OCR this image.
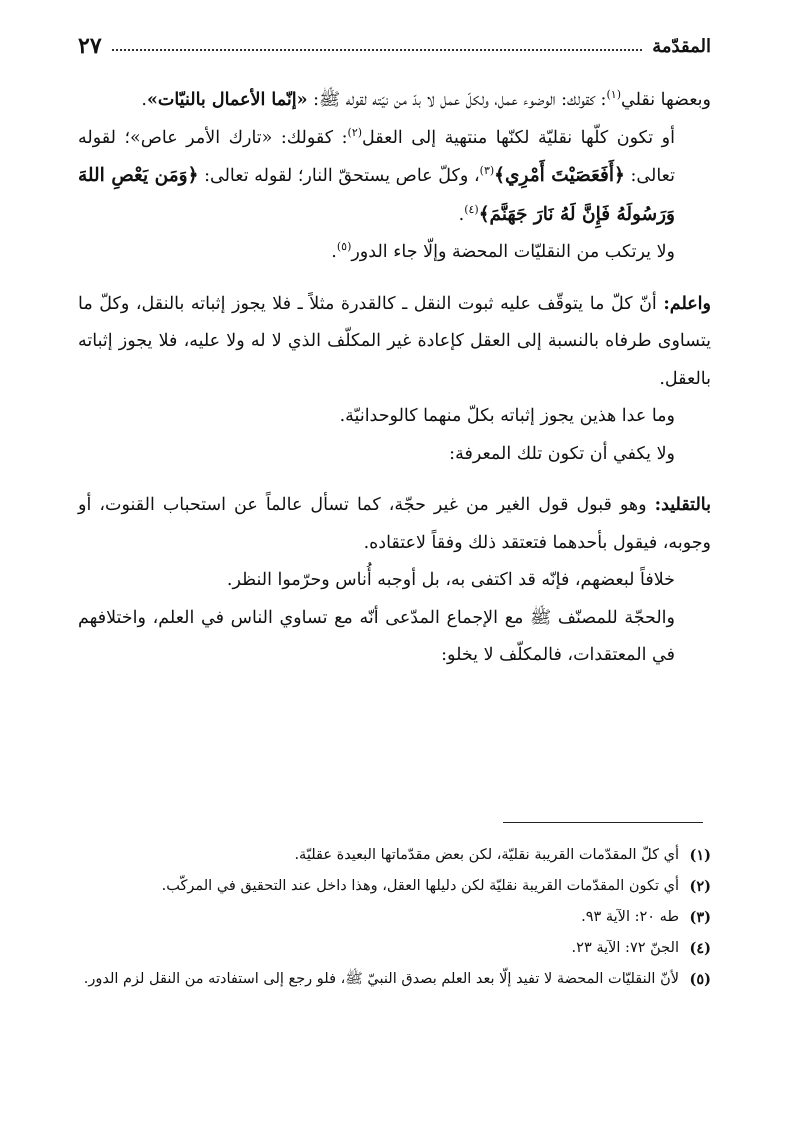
المقدّمة
٢٧

وبعضها نقلي$^{(١)}$: كقولك: الوضوء عمل، ولكلّ عمل لا بدّ من نيّته لقوله ﷺ: «إنّما الأعمال بالنيّات».

أو تكون كلّها نقليّة لكنّها منتهية إلى العقل$^{(٢)}$: كقولك: «تارك الأمر عاص»؛ لقوله تعالى: ﴿أَفَعَصَيْتَ أَمْرِي﴾$^{(٣)}$، وكلّ عاص يستحقّ النار؛ لقوله تعالى: ﴿وَمَن يَعْصِ اللهَ وَرَسُولَهُ فَإِنَّ لَهُ نَارَ جَهَنَّمَ﴾$^{(٤)}$.

ولا يرتكب من النقليّات المحضة وإلّا جاء الدور$^{(٥)}$.

واعلم: أنّ كلّ ما يتوقّف عليه ثبوت النقل ـ كالقدرة مثلاً ـ فلا يجوز إثباته بالنقل، وكلّ ما يتساوى طرفاه بالنسبة إلى العقل كإعادة غير المكلّف الذي لا له ولا عليه، فلا يجوز إثباته بالعقل.

وما عدا هذين يجوز إثباته بكلّ منهما كالوحدانيّة.

ولا يكفي أن تكون تلك المعرفة:

بالتقليد: وهو قبول قول الغير من غير حجّة، كما تسأل عالماً عن استحباب القنوت، أو وجوبه، فيقول بأحدهما فتعتقد ذلك وفقاً لاعتقاده.

خلافاً لبعضهم، فإنّه قد اكتفى به، بل أوجبه أُناس وحرّموا النظر.

والحجّة للمصنّف ﷺ مع الإجماع المدّعى أنّه مع تساوي الناس في العلم، واختلافهم في المعتقدات، فالمكلّف لا يخلو:

(١)
أي كلّ المقدّمات القريبة نقليّة، لكن بعض مقدّماتها البعيدة عقليّة.

(٢)
أي تكون المقدّمات القريبة نقليّة لكن دليلها العقل، وهذا داخل عند التحقيق في المركّب.

(٣)
طه ٢٠: الآية ٩٣.

(٤)
الجنّ ٧٢: الآية ٢٣.

(٥)
لأنّ النقليّات المحضة لا تفيد إلّا بعد العلم بصدق النبيّ ﷺ، فلو رجع إلى استفادته من النقل لزم الدور.
